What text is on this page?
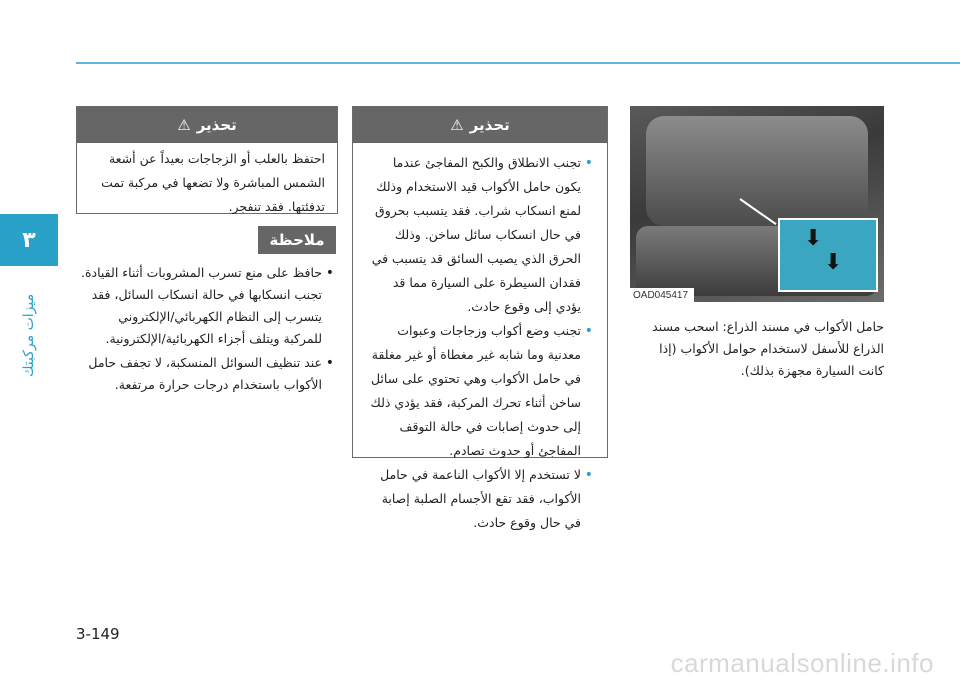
٣
ميزات مركبتك
⬇
⬇
OAD045417
حامل الأكواب في مسند الذراع: اسحب مسند الذراع للأسفل لاستخدام حوامل الأكواب (إذا كانت السيارة مجهزة بذلك).
تحذير
⚠
• تجنب الانطلاق والكبح المفاجئ عندما يكون حامل الأكواب قيد الاستخدام وذلك لمنع انسكاب شراب. فقد يتسبب بحروق في حال انسكاب سائل ساخن. وذلك الحرق الذي يصيب السائق قد يتسبب في فقدان السيطرة على السيارة مما قد يؤدي إلى وقوع حادث.
• تجنب وضع أكواب وزجاجات وعبوات معدنية وما شابه غير مغطاة أو غير مغلقة في حامل الأكواب وهي تحتوي على سائل ساخن أثناء تحرك المركبة، فقد يؤدي ذلك إلى حدوث إصابات في حالة التوقف المفاجئ أو حدوث تصادم.
• لا تستخدم إلا الأكواب الناعمة في حامل الأكواب، فقد تقع الأجسام الصلبة إصابة في حال وقوع حادث.
تحذير
⚠
احتفظ بالعلب أو الزجاجات بعيداً عن أشعة الشمس المباشرة ولا تضعها في مركبة تمت تدفئتها. فقد تنفجر.
ملاحظة
• حافظ على منع تسرب المشروبات أثناء القيادة. تجنب انسكابها في حالة انسكاب السائل، فقد يتسرب إلى النظام الكهربائي/الإلكتروني للمركبة ويتلف أجزاء الكهربائية/الإلكترونية.
• عند تنظيف السوائل المنسكبة، لا تجفف حامل الأكواب باستخدام درجات حرارة مرتفعة.
3-149
carmanualsonline.info
